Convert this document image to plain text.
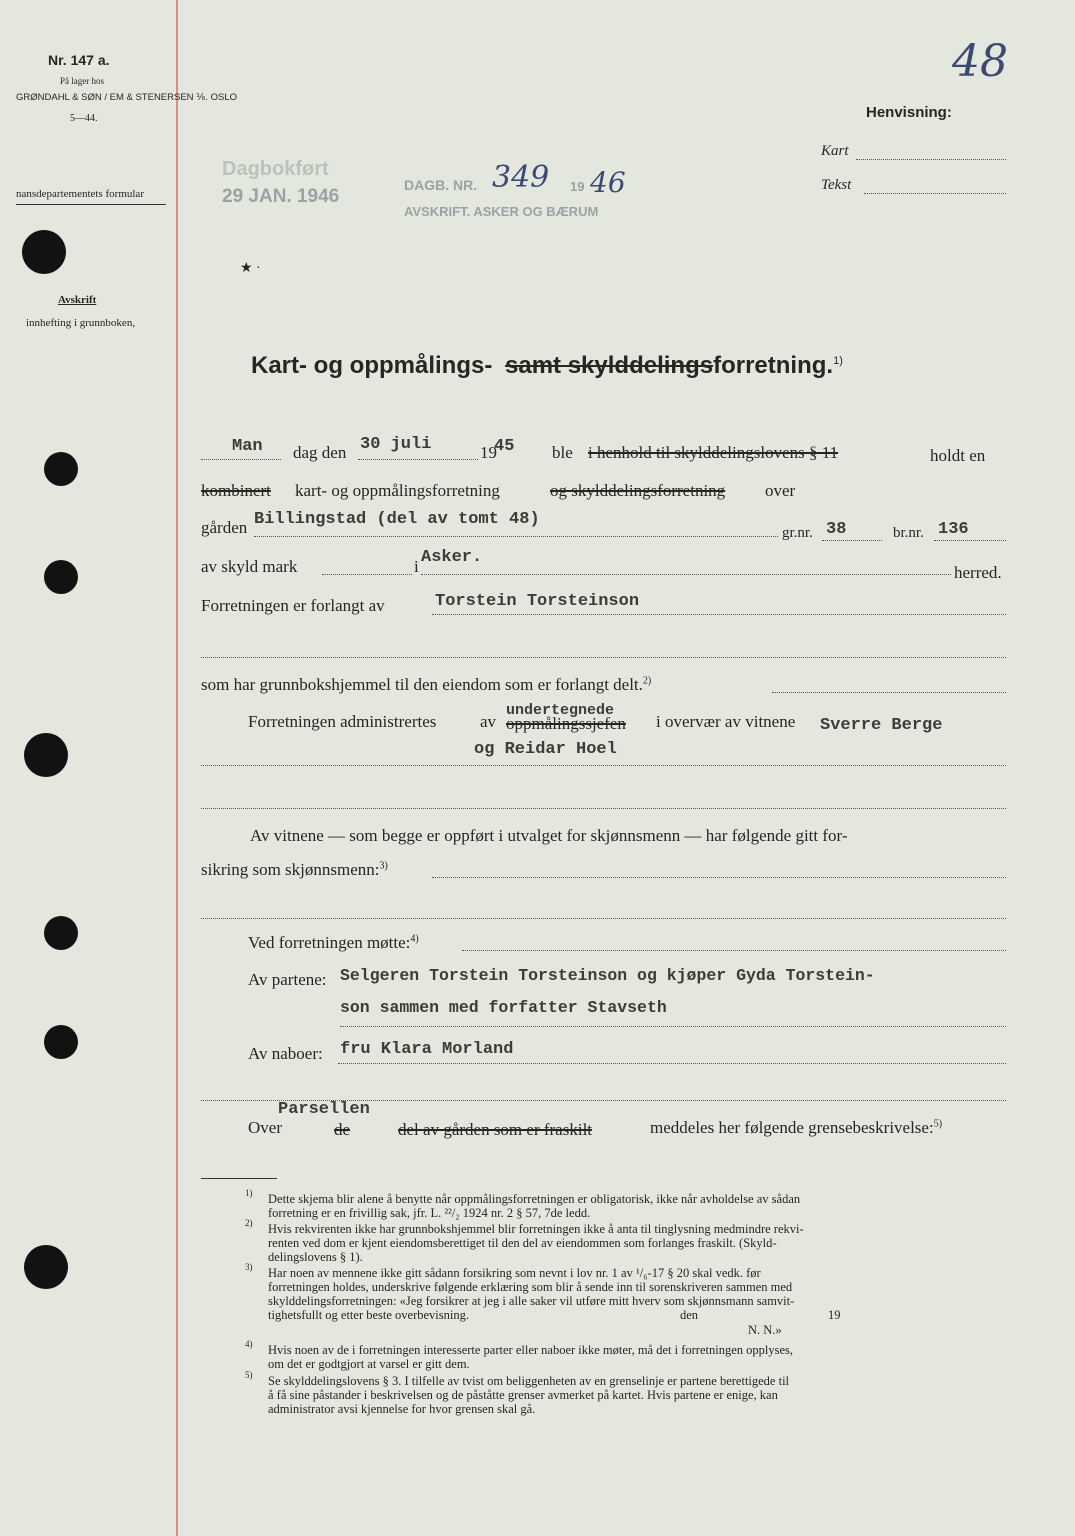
Nr. 147 a.
På lager hos
GRØNDAHL & SØN / EM & STENERSEN ⅙. OSLO
5—44.
nansdepartementets formular
Avskrift
innhefting i grunnboken,
48
Henvisning:
Kart
Tekst
Dagbokført
29 JAN. 1946
DAGB. NR. 349 19 46
AVSKRIFT. ASKER OG BÆRUM
★ ·
Kart- og oppmålings- samt skylddelingsforretning.$^{1)}$
Man dag den 30 juli	19
45 ble i henhold til skylddelingslovens § 11	holdt en
kombinert kart- og oppmålingsforretning	og skylddelingsforretning over
gården Billingstad (del av tomt 48)
gr.nr. 38	br.nr. 136
av skyld mark	i Asker.
herred.
Forretningen er forlangt av	Torstein Torsteinson
som har grunnbokshjemmel til den eiendom som er forlangt delt.$^{2)}$
Forretningen administrertes	av
undertegnede
oppmålingssjefen i overvær av vitnene Sverre Berge
og Reidar Hoel
Av vitnene — som begge er oppført i utvalget for skjønnsmenn — har følgende gitt for-
sikring som skjønnsmenn:$^{3)}$
Ved forretningen møtte:$^{4)}$
Av partene: Selgeren Torstein Torsteinson og kjøper Gyda Torstein-
son sammen med forfatter Stavseth
Av naboer: fru Klara Morland
Parsellen
Over	de	del av gården som er fraskilt	meddeles her følgende grensebeskrivelse:$^{5)}$
1) Dette skjema blir alene å benytte når oppmålingsforretningen er obligatorisk, ikke når avholdelse av sådan
forretning er en frivillig sak, jfr. L. ²²/₂ 1924 nr. 2 § 57, 7de ledd.
2) Hvis rekvirenten ikke har grunnbokshjemmel blir forretningen ikke å anta til tinglysning medmindre rekvi-
renten ved dom er kjent eiendomsberettiget til den del av eiendommen som forlanges fraskilt. (Skyld-
delingslovens § 1).
3) Har noen av mennene ikke gitt sådann forsikring som nevnt i lov nr. 1 av ¹/₆-17 § 20 skal vedk. før
forretningen holdes, underskrive følgende erklæring som blir å sende inn til sorenskriveren sammen med
skylddelingsforretningen: «Jeg forsikrer at jeg i alle saker vil utføre mitt hverv som skjønnsmann samvit-
tighetsfullt og etter beste overbevisning.	den	19
N. N.»
4) Hvis noen av de i forretningen interesserte parter eller naboer ikke møter, må det i forretningen opplyses,
om det er godtgjort at varsel er gitt dem.
5) Se skylddelingslovens § 3. I tilfelle av tvist om beliggenheten av en grenselinje er partene berettigede til
å få sine påstander i beskrivelsen og de påståtte grenser avmerket på kartet. Hvis partene er enige, kan
administrator avsi kjennelse for hvor grensen skal gå.
